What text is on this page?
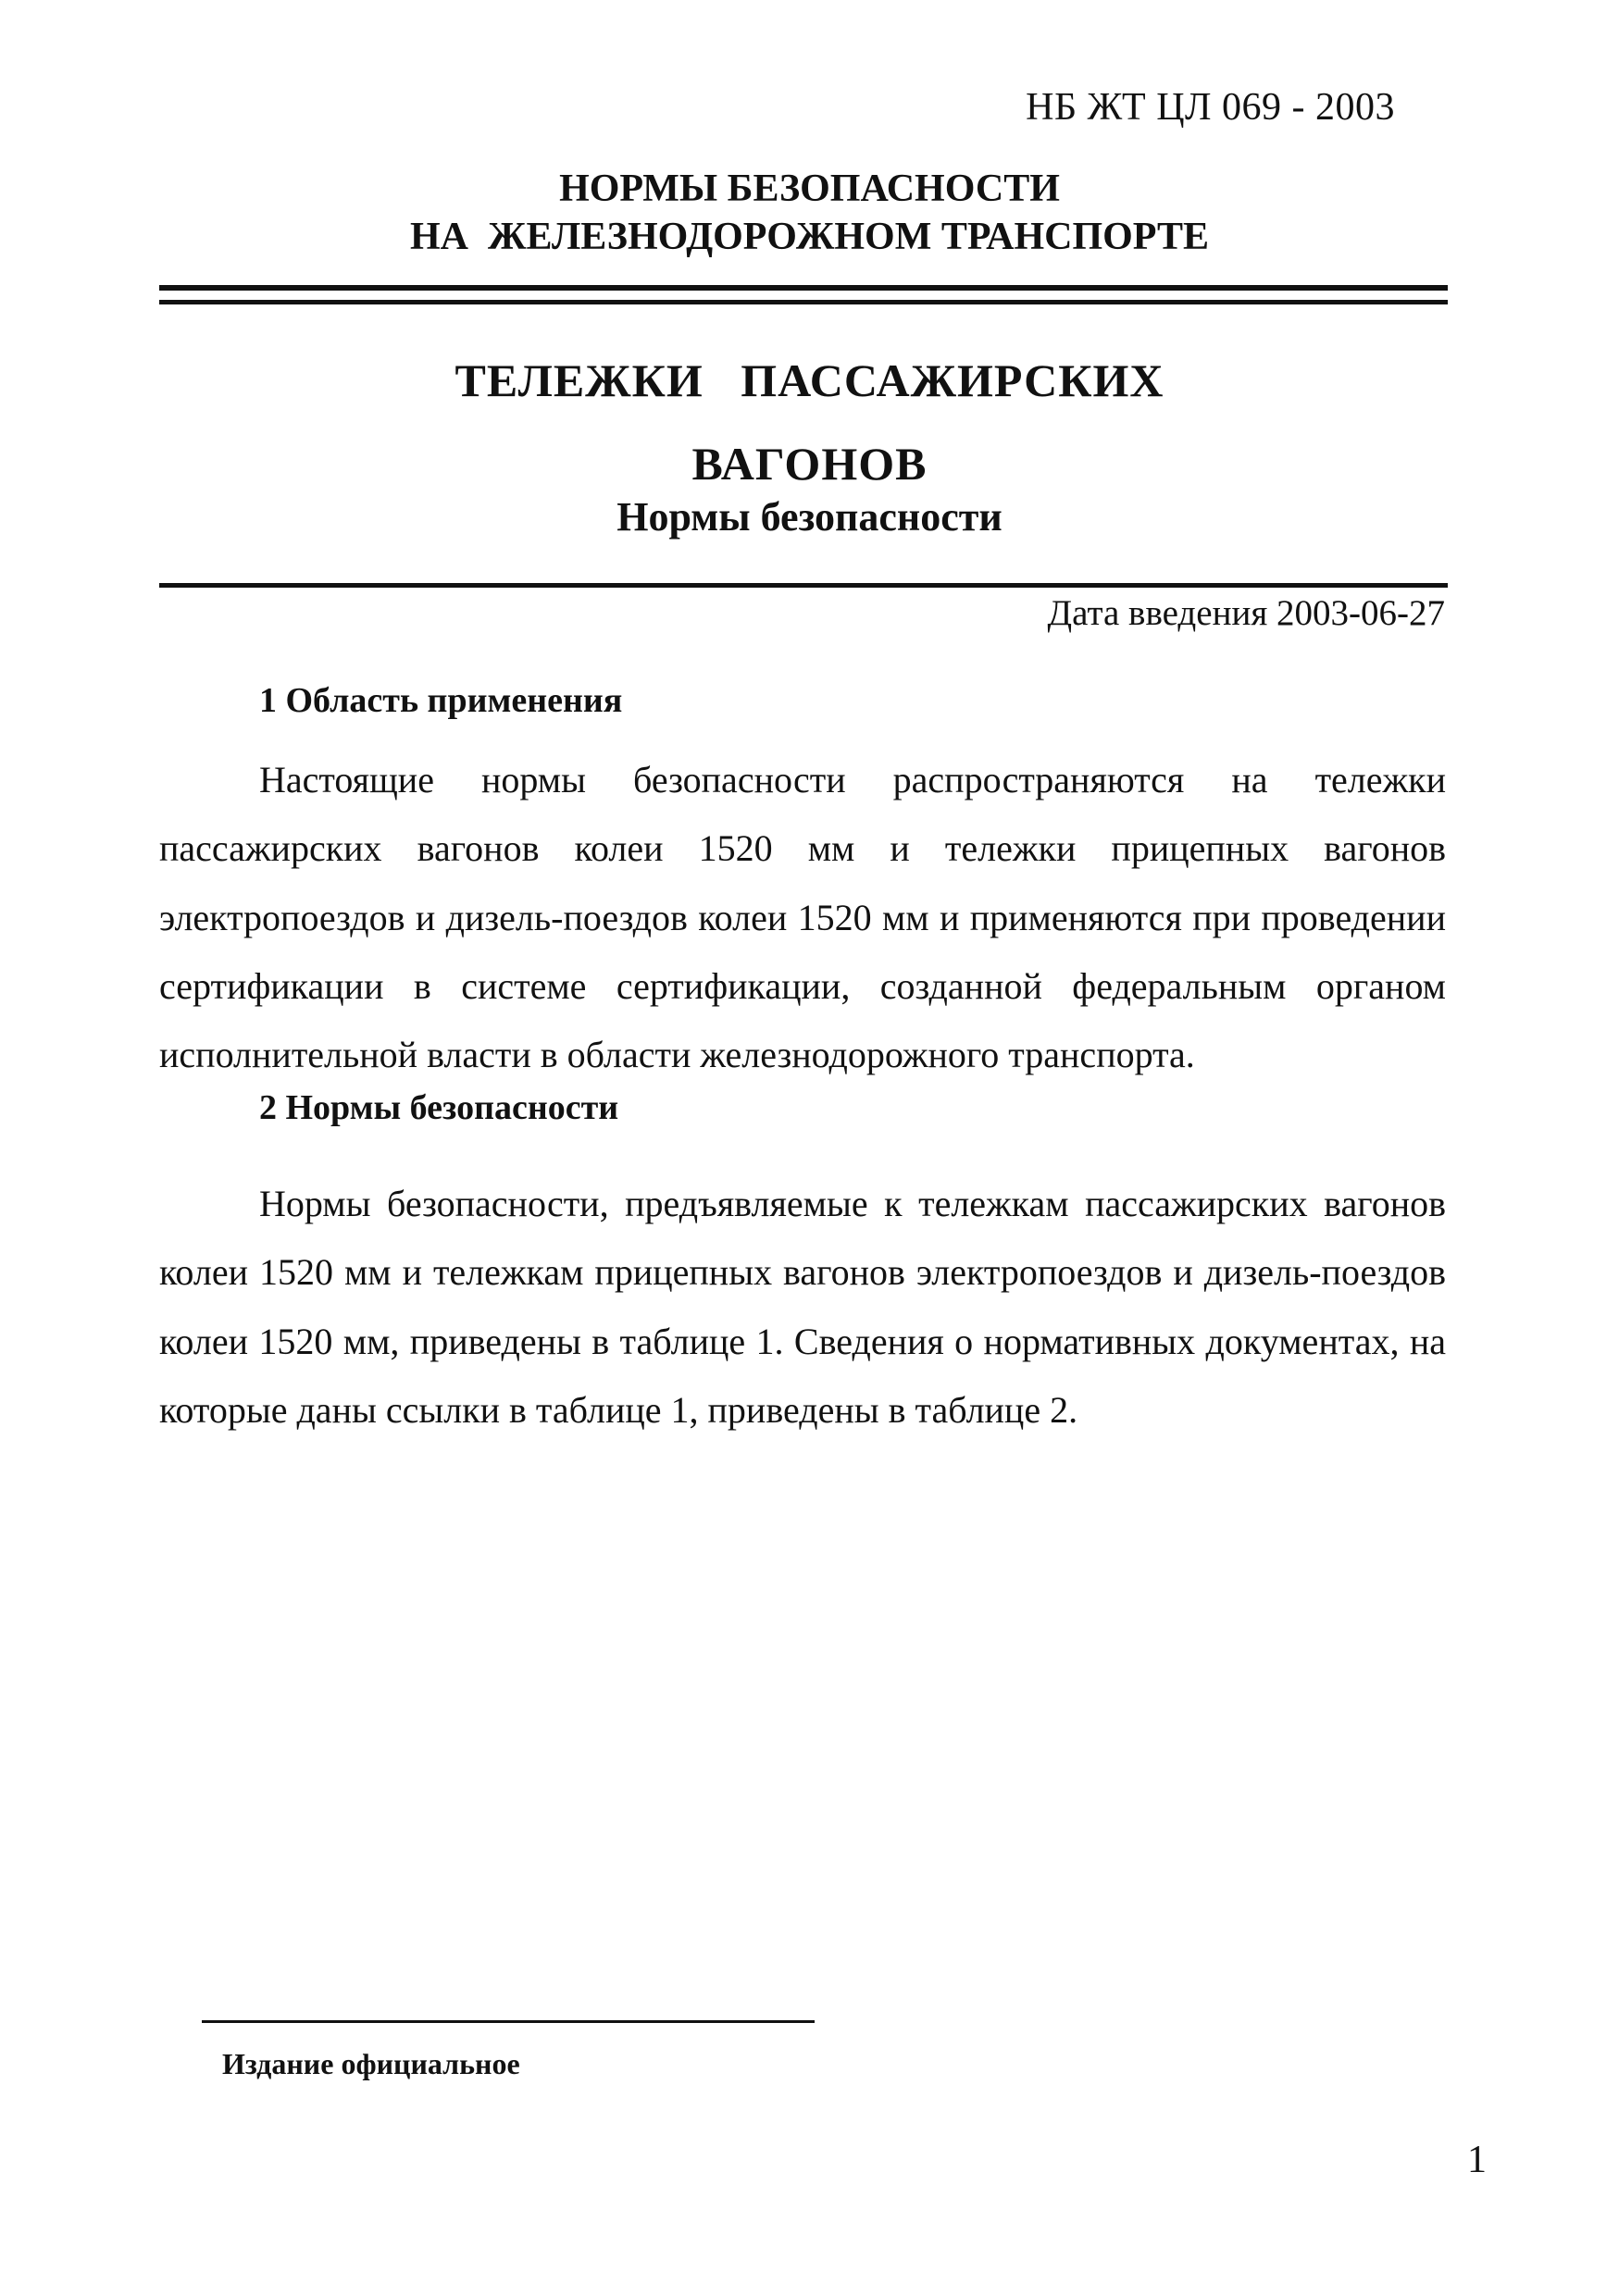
НБ ЖТ ЦЛ 069 - 2003
НОРМЫ БЕЗОПАСНОСТИ
НА  ЖЕЛЕЗНОДОРОЖНОМ ТРАНСПОРТЕ
ТЕЛЕЖКИ   ПАССАЖИРСКИХ
ВАГОНОВ
Нормы безопасности
Дата введения 2003-06-27
1 Область применения

Настоящие нормы безопасности распространяются на тележки пассажирских вагонов колеи 1520 мм и тележки прицепных вагонов электропоездов и дизель-поездов колеи 1520 мм и применяются при проведении сертификации в системе сертификации, созданной федеральным органом исполнительной власти в области железнодорожного транспорта.

2 Нормы безопасности

Нормы безопасности, предъявляемые к тележкам пассажирских вагонов колеи 1520 мм и тележкам прицепных вагонов электропоездов и дизель-поездов колеи 1520 мм, приведены в таблице 1. Сведения о нормативных документах, на которые даны ссылки в таблице 1, приведены в таблице 2.

Издание официальное
1
